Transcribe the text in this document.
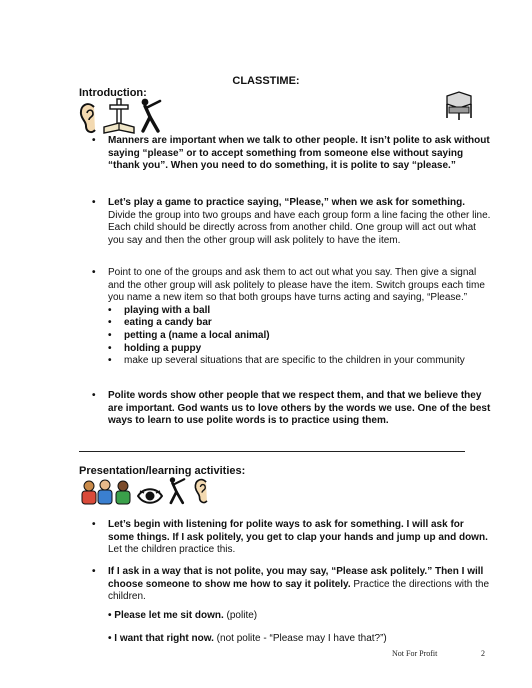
CLASSTIME:
Introduction:
• Manners are important when we talk to other people. It isn’t polite to ask without saying “please” or to accept something from someone else without saying “thank you”. When you need to do something, it is polite to say “please.”
• Let’s play a game to practice saying, “Please,” when we ask for something. Divide the group into two groups and have each group form a line facing the other line. Each child should be directly across from another child. One group will act out what you say and then the other group will ask politely to have the item.
• Point to one of the groups and ask them to act out what you say. Then give a signal and the other group will ask politely to please have the item. Switch groups each time you name a new item so that both groups have turns acting and saying, “Please.”
• playing with a ball
• eating a candy bar
• petting a (name a local animal)
• holding a puppy
• make up several situations that are specific to the children in your community
• Polite words show other people that we respect them, and that we believe they are important. God wants us to love others by the words we use. One of the best ways to learn to use polite words is to practice using them.
Presentation/learning activities:
• Let’s begin with listening for polite ways to ask for something. I will ask for some things. If I ask politely, you get to clap your hands and jump up and down. Let the children practice this.
• If I ask in a way that is not polite, you may say, “Please ask politely.” Then I will choose someone to show me how to say it politely. Practice the directions with the children.
• Please let me sit down. (polite)
• I want that right now. (not polite - “Please may I have that?”)
Not For Profit	2
